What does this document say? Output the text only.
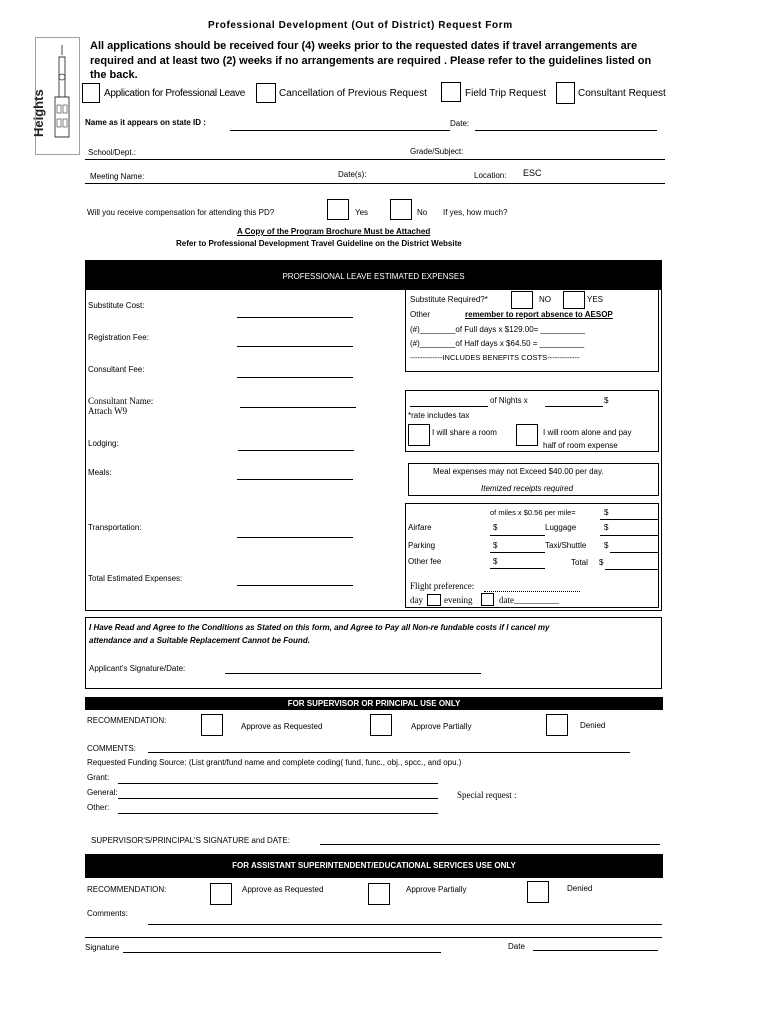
Professional Development (Out of District) Request Form
Heights
All applications should be received four (4) weeks prior to the requested dates if travel arrangements are
required and at least two (2) weeks if no arrangements are required . Please refer to the guidelines listed on
the back.
Application for Professional Leave	Cancellation of Previous Request	Field Trip Request	Consultant Request
Name as it appears on state ID :	Date:
School/Dept.:	Grade/Subject:
Meeting Name:	Date(s):	Location: ESC
Will you receive compensation for attending this PD?	Yes	No If yes, how much?
A Copy of the Program Brochure Must be Attached
Refer to Professional Development Travel Guideline on the District Website
PROFESSIONAL LEAVE ESTIMATED EXPENSES
Substitute Cost:
Registration Fee:
Consultant Fee:
Consultant Name:
Attach W9
Lodging:
Meals:
Transportation:
Total Estimated Expenses:
Substitute Required?*	NO	YES
Other	remember to report absence to AESOP
(#)________of Full days x $129.00= __________
(#)________of Half days x $64.50 = __________
-------------INCLUDES BENEFITS COSTS-------------
of Nights x	$
*rate includes tax
I will share a room	I will room alone and pay
half of room expense
Meal expenses may not Exceed $40.00 per day.
Itemized receipts required
of miles x $0.56 per mile=	$
Airfare	$	Luggage	$
Parking	$	Taxi/Shuttle $
Other fee	$	Total $
Flight preference:
day evening	date__________
I Have Read and Agree to the Conditions as Stated on this form, and Agree to Pay all Non-re fundable costs if I cancel my
attendance and a Suitable Replacement Cannot be Found.
Applicant's Signature/Date:
FOR SUPERVISOR OR PRINCIPAL USE ONLY
RECOMMENDATION:
Approve as Requested	Approve Partially	Denied
COMMENTS:
Requested Funding Source: (List grant/fund name and complete coding( fund, func., obj., spcc., and opu.)
Grant:
General:	Special request :
Other:
SUPERVISOR'S/PRINCIPAL'S SIGNATURE and DATE:
FOR ASSISTANT SUPERINTENDENT/EDUCATIONAL SERVICES USE ONLY
RECOMMENDATION:	Approve as Requested	Approve Partially	Denied
Comments:
Signature	Date
